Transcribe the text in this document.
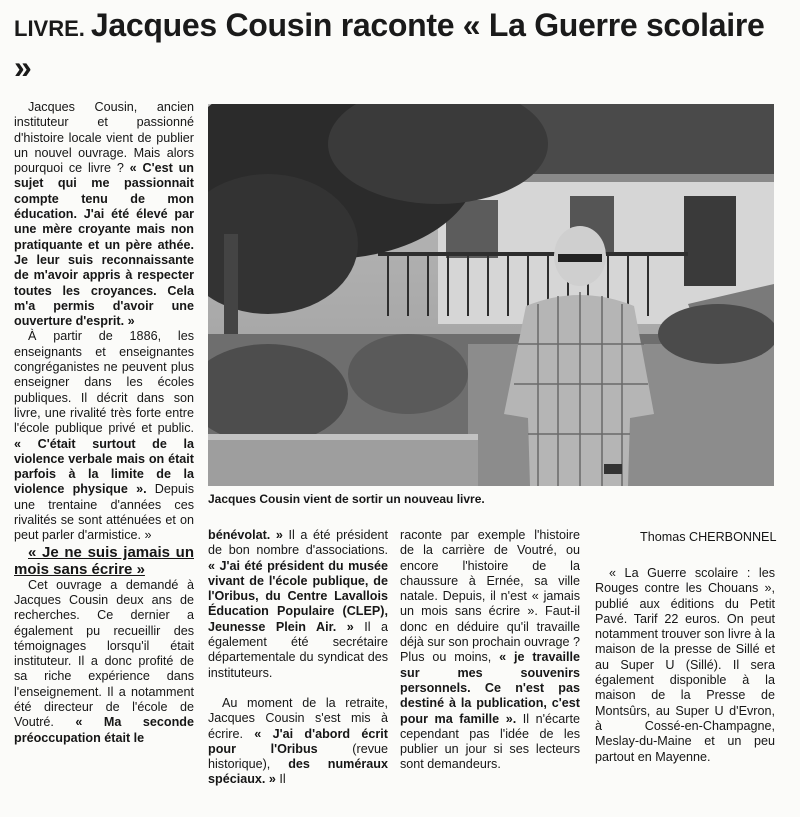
LIVRE. Jacques Cousin raconte « La Guerre scolaire »

Jacques Cousin, ancien instituteur et passionné d'histoire locale vient de publier un nouvel ouvrage. Mais alors pourquoi ce livre ? « C'est un sujet qui me passionnait compte tenu de mon éducation. J'ai été élevé par une mère croyante mais non pratiquante et un père athée. Je leur suis reconnaissante de m'avoir appris à respecter toutes les croyances. Cela m'a permis d'avoir une ouverture d'esprit. »

À partir de 1886, les enseignants et enseignantes congréganistes ne peuvent plus enseigner dans les écoles publiques. Il décrit dans son livre, une rivalité très forte entre l'école publique privé et public. « C'était surtout de la violence verbale mais on était parfois à la limite de la violence physique ». Depuis une trentaine d'années ces rivalités se sont atténuées et on peut parler d'armistice. »

« Je ne suis jamais un mois sans écrire »

Cet ouvrage a demandé à Jacques Cousin deux ans de recherches. Ce dernier a également pu recueillir des témoignages lorsqu'il était instituteur. Il a donc profité de sa riche expérience dans l'enseignement. Il a notamment été directeur de l'école de Voutré. « Ma seconde préoccupation était le

Jacques Cousin vient de sortir un nouveau livre.
Thomas CHERBONNEL

bénévolat. » Il a été président de bon nombre d'associations. « J'ai été président du musée vivant de l'école publique, de l'Oribus, du Centre Lavallois Éducation Populaire (CLEP), Jeunesse Plein Air. » Il a également été secrétaire départementale du syndicat des instituteurs.

Au moment de la retraite, Jacques Cousin s'est mis à écrire. « J'ai d'abord écrit pour l'Oribus (revue historique), des numéraux spéciaux. » Il

raconte par exemple l'histoire de la carrière de Voutré, ou encore l'histoire de la chaussure à Ernée, sa ville natale. Depuis, il n'est « jamais un mois sans écrire ». Faut-il donc en déduire qu'il travaille déjà sur son prochain ouvrage ? Plus ou moins, « je travaille sur mes souvenirs personnels. Ce n'est pas destiné à la publication, c'est pour ma famille ». Il n'écarte cependant pas l'idée de les publier un jour si ses lecteurs sont demandeurs.

« La Guerre scolaire : les Rouges contre les Chouans », publié aux éditions du Petit Pavé. Tarif 22 euros. On peut notamment trouver son livre à la maison de la presse de Sillé et au Super U (Sillé). Il sera également disponible à la maison de la Presse de Montsûrs, au Super U d'Evron, à Cossé-en-Champagne, Meslay-du-Maine et un peu partout en Mayenne.
